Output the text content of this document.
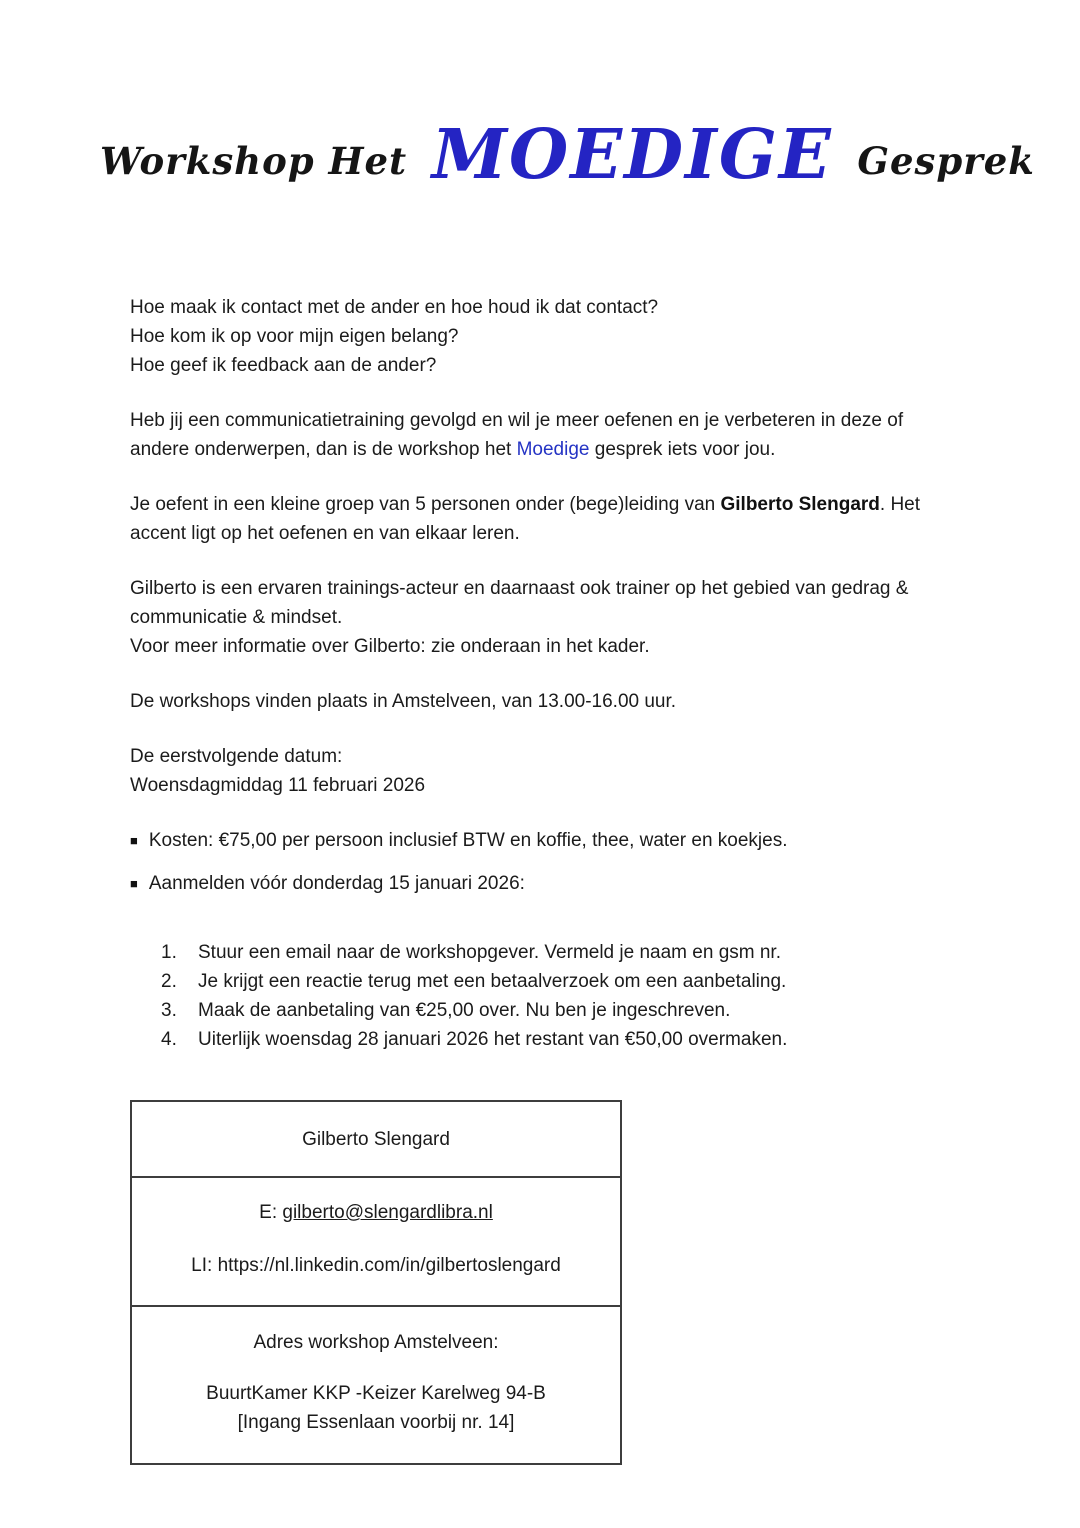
Workshop Het MOEDIGE Gesprek
Hoe maak ik contact met de ander en hoe houd ik dat contact?
Hoe kom ik op voor mijn eigen belang?
Hoe geef ik feedback aan de ander?
Heb jij een communicatietraining gevolgd en wil je meer oefenen en je verbeteren in deze of andere onderwerpen, dan is de workshop het Moedige gesprek iets voor jou.
Je oefent in een kleine groep van 5 personen onder (bege)leiding van Gilberto Slengard. Het accent ligt op het oefenen en van elkaar leren.
Gilberto is een ervaren trainings-acteur en daarnaast ook trainer op het gebied van gedrag & communicatie & mindset.
Voor meer informatie over Gilberto: zie onderaan in het kader.
De workshops vinden plaats in Amstelveen, van 13.00-16.00 uur.
De eerstvolgende datum:
Woensdagmiddag 11 februari 2026
■ Kosten: €75,00 per persoon inclusief BTW en koffie, thee, water en koekjes.
■ Aanmelden vóór donderdag 15 januari 2026:
1.	Stuur een email naar de workshopgever. Vermeld je naam en gsm nr.
2.	Je krijgt een reactie terug met een betaalverzoek om een aanbetaling.
3.	Maak de aanbetaling van €25,00 over. Nu ben je ingeschreven.
4.	Uiterlijk woensdag 28 januari 2026 het restant van €50,00 overmaken.
Gilberto Slengard
E: gilberto@slengardlibra.nl
LI: https://nl.linkedin.com/in/gilbertoslengard
Adres workshop Amstelveen:
BuurtKamer KKP -Keizer Karelweg 94-B
[Ingang Essenlaan voorbij nr. 14]
